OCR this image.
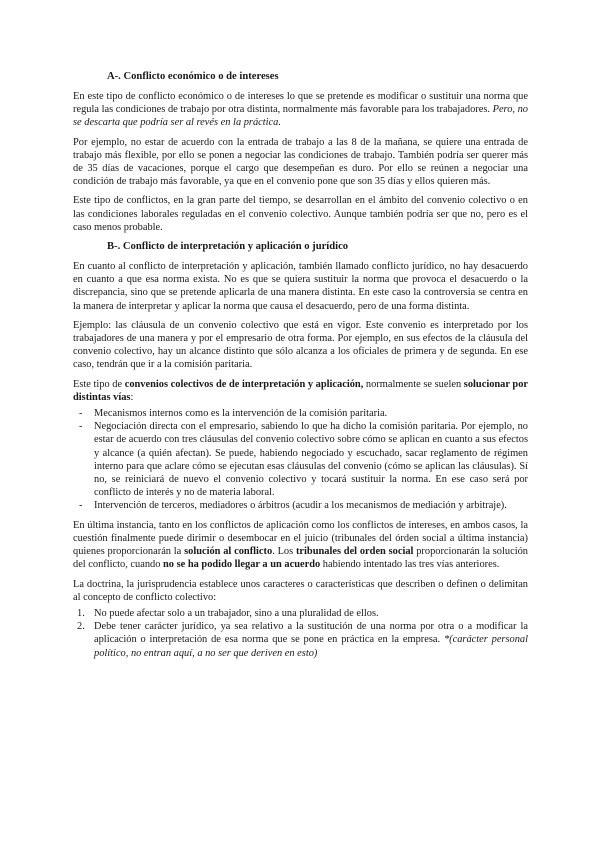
A-. Conflicto económico o de intereses

En este tipo de conflicto económico o de intereses lo que se pretende es modificar o sustituir una norma que regula las condiciones de trabajo por otra distinta, normalmente más favorable para los trabajadores. Pero, no se descarta que podría ser al revés en la práctica.

Por ejemplo, no estar de acuerdo con la entrada de trabajo a las 8 de la mañana, se quiere una entrada de trabajo más flexible, por ello se ponen a negociar las condiciones de trabajo. También podría ser querer más de 35 días de vacaciones, porque el cargo que desempeñan es duro. Por ello se reúnen a negociar una condición de trabajo más favorable, ya que en el convenio pone que son 35 días y ellos quieren más.

Este tipo de conflictos, en la gran parte del tiempo, se desarrollan en el ámbito del convenio colectivo o en las condiciones laborales reguladas en el convenio colectivo. Aunque también podría ser que no, pero es el caso menos probable.

B-. Conflicto de interpretación y aplicación o jurídico

En cuanto al conflicto de interpretación y aplicación, también llamado conflicto jurídico, no hay desacuerdo en cuanto a que esa norma exista. No es que se quiera sustituir la norma que provoca el desacuerdo o la discrepancia, sino que se pretende aplicarla de una manera distinta. En este caso la controversia se centra en la manera de interpretar y aplicar la norma que causa el desacuerdo, pero de una forma distinta.

Ejemplo: las cláusula de un convenio colectivo que está en vigor. Este convenio es interpretado por los trabajadores de una manera y por el empresario de otra forma. Por ejemplo, en sus efectos de la cláusula del convenio colectivo, hay un alcance distinto que sólo alcanza a los oficiales de primera y de segunda. En ese caso, tendrán que ir a la comisión paritaria.

Este tipo de convenios colectivos de de interpretación y aplicación, normalmente se suelen solucionar por distintas vías:

- Mecanismos internos como es la intervención de la comisión paritaria.
- Negociación directa con el empresario, sabiendo lo que ha dicho la comisión paritaria. Por ejemplo, no estar de acuerdo con tres cláusulas del convenio colectivo sobre cómo se aplican en cuanto a sus efectos y alcance (a quién afectan). Se puede, habiendo negociado y escuchado, sacar reglamento de régimen interno para que aclare cómo se ejecutan esas cláusulas del convenio (cómo se aplican las cláusulas). Sí no, se reiniciará de nuevo el convenio colectivo y tocará sustituir la norma. En ese caso será por conflicto de interés y no de materia laboral.
- Intervención de terceros, mediadores o árbitros (acudir a los mecanismos de mediación y arbitraje).

En última instancia, tanto en los conflictos de aplicación como los conflictos de intereses, en ambos casos, la cuestión finalmente puede dirimir o desembocar en el juicio (tribunales del órden social a última instancia) quienes proporcionarán la solución al conflicto. Los tribunales del orden social proporcionarán la solución del conflicto, cuando no se ha podido llegar a un acuerdo habiendo intentado las tres vías anteriores.

La doctrina, la jurisprudencia establece unos caracteres o características que describen o definen o delimitan al concepto de conflicto colectivo:

1. No puede afectar solo a un trabajador, sino a una pluralidad de ellos.
2. Debe tener carácter jurídico, ya sea relativo a la sustitución de una norma por otra o a modificar la aplicación o interpretación de esa norma que se pone en práctica en la empresa. *(carácter personal político, no entran aquí, a no ser que deriven en esto)
